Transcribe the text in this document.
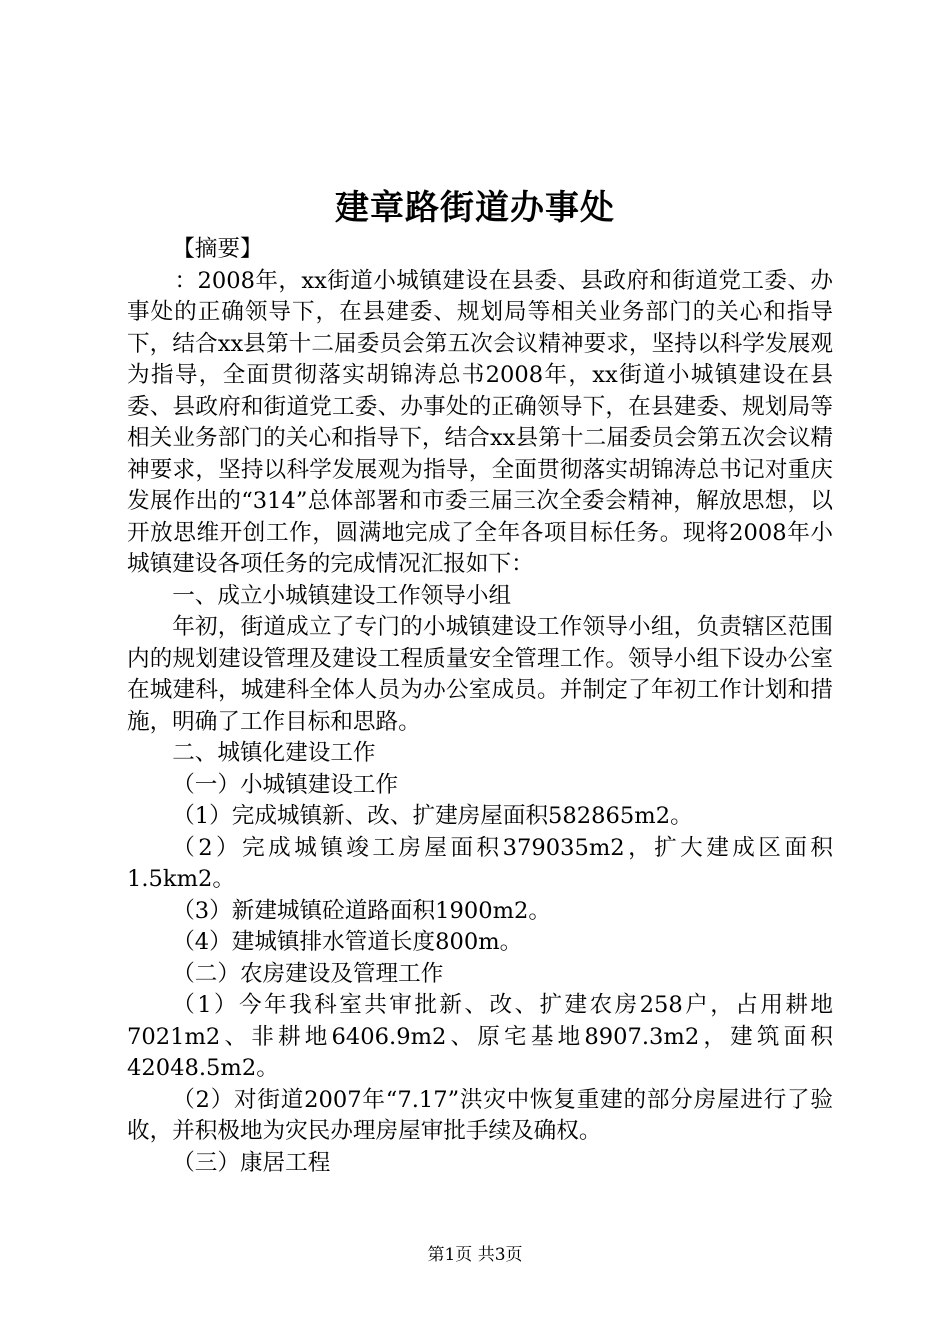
建章路街道办事处

【摘要】

：2008年，xx街道小城镇建设在县委、县政府和街道党工委、办事处的正确领导下，在县建委、规划局等相关业务部门的关心和指导下，结合xx县第十二届委员会第五次会议精神要求，坚持以科学发展观为指导，全面贯彻落实胡锦涛总书2008年，xx街道小城镇建设在县委、县政府和街道党工委、办事处的正确领导下，在县建委、规划局等相关业务部门的关心和指导下，结合xx县第十二届委员会第五次会议精神要求，坚持以科学发展观为指导，全面贯彻落实胡锦涛总书记对重庆发展作出的“314”总体部署和市委三届三次全委会精神，解放思想，以开放思维开创工作，圆满地完成了全年各项目标任务。现将2008年小城镇建设各项任务的完成情况汇报如下：

一、成立小城镇建设工作领导小组

年初，街道成立了专门的小城镇建设工作领导小组，负责辖区范围内的规划建设管理及建设工程质量安全管理工作。领导小组下设办公室在城建科，城建科全体人员为办公室成员。并制定了年初工作计划和措施，明确了工作目标和思路。

二、城镇化建设工作

（一）小城镇建设工作

（1）完成城镇新、改、扩建房屋面积582865m2。

（2）完成城镇竣工房屋面积379035m2，扩大建成区面积1.5km2。

（3）新建城镇砼道路面积1900m2。

（4）建城镇排水管道长度800m。

（二）农房建设及管理工作

（1）今年我科室共审批新、改、扩建农房258户，占用耕地7021m2、非耕地6406.9m2、原宅基地8907.3m2，建筑面积42048.5m2。

（2）对街道2007年“7.17”洪灾中恢复重建的部分房屋进行了验收，并积极地为灾民办理房屋审批手续及确权。

（三）康居工程

第1页 共3页
